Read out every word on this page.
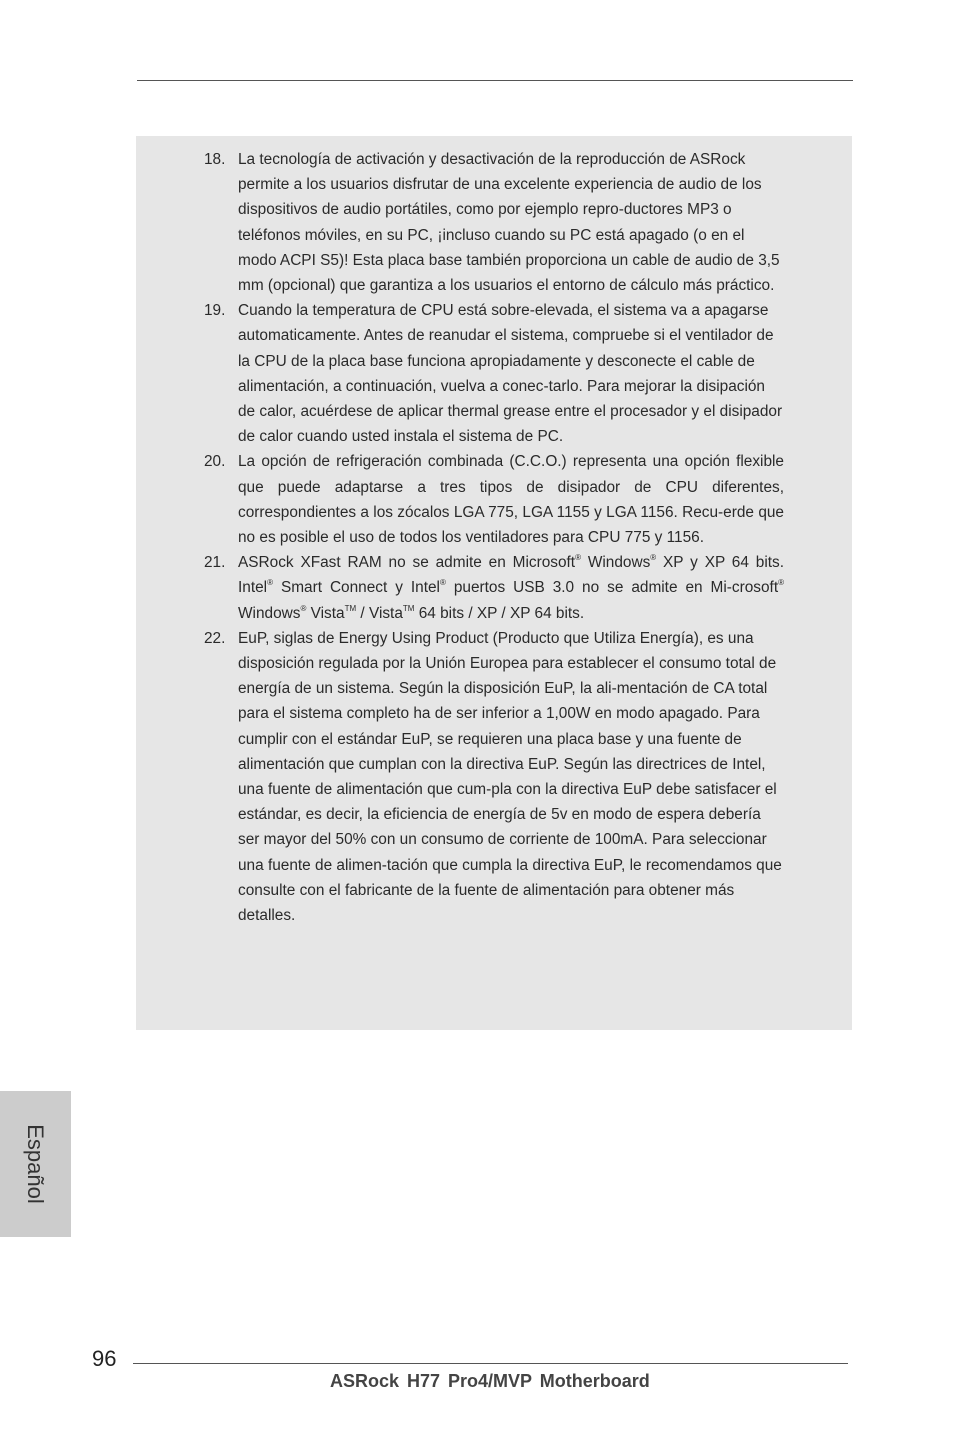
18. La tecnología de activación y desactivación de la reproducción de ASRock permite a los usuarios disfrutar de una excelente experiencia de audio de los dispositivos de audio portátiles, como por ejemplo repro-ductores MP3 o teléfonos móviles, en su PC, ¡incluso cuando su PC está apagado (o en el modo ACPI S5)! Esta placa base también proporciona un cable de audio de 3,5 mm (opcional) que garantiza a los usuarios el entorno de cálculo más práctico.
19. Cuando la temperatura de CPU está sobre-elevada, el sistema va a apagarse automaticamente. Antes de reanudar el sistema, compruebe si el ventilador de la CPU de la placa base funciona apropiadamente y desconecte el cable de alimentación, a continuación, vuelva a conec-tarlo. Para mejorar la disipación de calor, acuérdese de aplicar thermal grease entre el procesador y el disipador de calor cuando usted instala el sistema de PC.
20. La opción de refrigeración combinada (C.C.O.) representa una opción flexible que puede adaptarse a tres tipos de disipador de CPU diferentes, correspondientes a los zócalos LGA 775, LGA 1155 y LGA 1156. Recu-erde que no es posible el uso de todos los ventiladores para CPU 775 y 1156.
21. ASRock XFast RAM no se admite en Microsoft® Windows® XP y XP 64 bits. Intel® Smart Connect y Intel® puertos USB 3.0 no se admite en Mi-crosoft® Windows® Vista™ / Vista™ 64 bits / XP / XP 64 bits.
22. EuP, siglas de Energy Using Product (Producto que Utiliza Energía), es una disposición regulada por la Unión Europea para establecer el consumo total de energía de un sistema. Según la disposición EuP, la ali-mentación de CA total para el sistema completo ha de ser inferior a 1,00W en modo apagado. Para cumplir con el estándar EuP, se requieren una placa base y una fuente de alimentación que cumplan con la directiva EuP. Según las directrices de Intel, una fuente de alimentación que cum-pla con la directiva EuP debe satisfacer el estándar, es decir, la eficiencia de energía de 5v en modo de espera debería ser mayor del 50% con un consumo de corriente de 100mA. Para seleccionar una fuente de alimen-tación que cumpla la directiva EuP, le recomendamos que consulte con el fabricante de la fuente de alimentación para obtener más detalles.
Español
96
ASRock H77 Pro4/MVP Motherboard
